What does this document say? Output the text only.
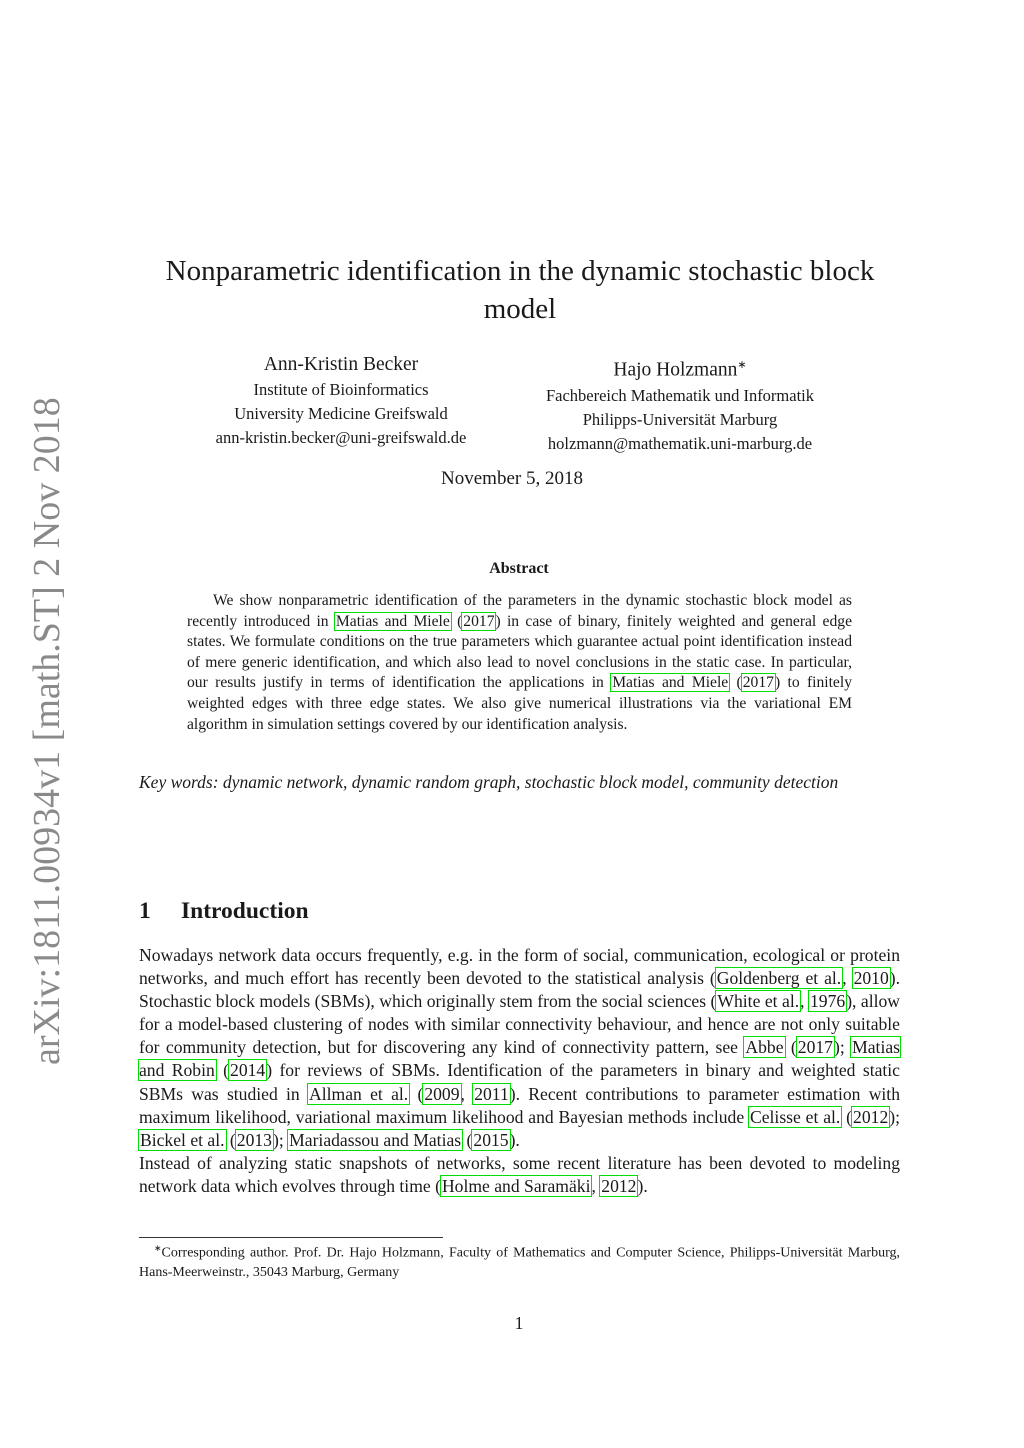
arXiv:1811.00934v1 [math.ST] 2 Nov 2018
Nonparametric identification in the dynamic stochastic block model
Ann-Kristin Becker
Institute of Bioinformatics
University Medicine Greifswald
ann-kristin.becker@uni-greifswald.de
Hajo Holzmann∗
Fachbereich Mathematik und Informatik
Philipps-Universität Marburg
holzmann@mathematik.uni-marburg.de
November 5, 2018
Abstract

We show nonparametric identification of the parameters in the dynamic stochastic block model as recently introduced in Matias and Miele (2017) in case of binary, finitely weighted and general edge states. We formulate conditions on the true parameters which guarantee actual point identification instead of mere generic identification, and which also lead to novel conclusions in the static case. In particular, our results justify in terms of identification the applications in Matias and Miele (2017) to finitely weighted edges with three edge states. We also give numerical illustrations via the variational EM algorithm in simulation settings covered by our identification analysis.

Key words: dynamic network, dynamic random graph, stochastic block model, community detection

1 Introduction

Nowadays network data occurs frequently, e.g. in the form of social, communication, ecological or protein networks, and much effort has recently been devoted to the statistical analysis (Goldenberg et al., 2010). Stochastic block models (SBMs), which originally stem from the social sciences (White et al., 1976), allow for a model-based clustering of nodes with similar connectivity behaviour, and hence are not only suitable for community detection, but for discovering any kind of connectivity pattern, see Abbe (2017); Matias and Robin (2014) for reviews of SBMs. Identification of the parameters in binary and weighted static SBMs was studied in Allman et al. (2009, 2011). Recent contributions to parameter estimation with maximum likelihood, variational maximum likelihood and Bayesian methods include Celisse et al. (2012); Bickel et al. (2013); Mariadassou and Matias (2015).

Instead of analyzing static snapshots of networks, some recent literature has been devoted to modeling network data which evolves through time (Holme and Saramäki, 2012).

∗Corresponding author. Prof. Dr. Hajo Holzmann, Faculty of Mathematics and Computer Science, Philipps-Universität Marburg, Hans-Meerweinstr., 35043 Marburg, Germany

1
